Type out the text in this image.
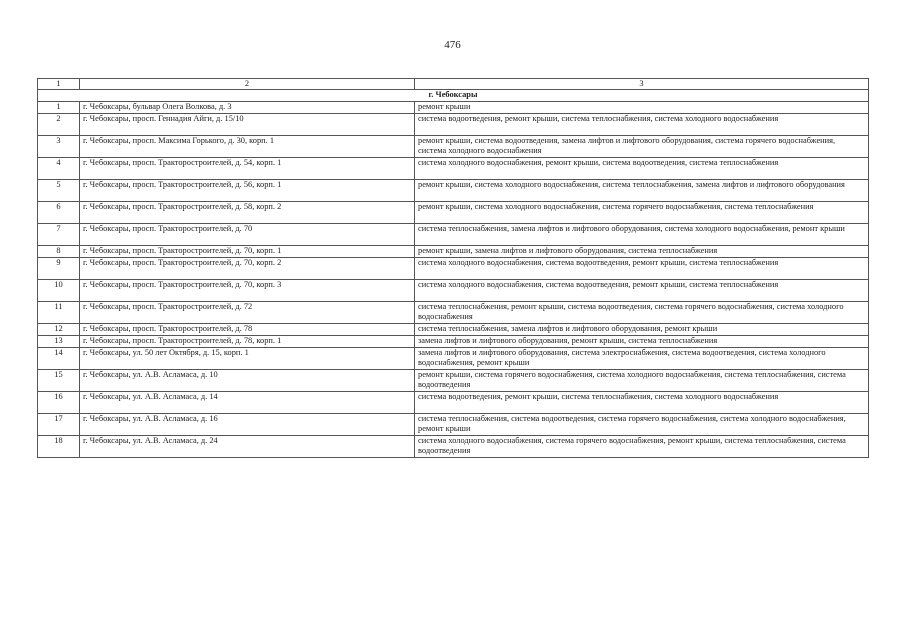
476
1	2	3
г. Чебоксары		
1	г. Чебоксары, бульвар Олега Волкова, д. 3	ремонт крыши
2	г. Чебоксары, просп. Геннадия Айги, д. 15/10	система водоотведения, ремонт крыши, система теплоснабжения, система холодного водоснабжения
3	г. Чебоксары, просп. Максима Горького, д. 30, корп. 1	ремонт крыши, система водоотведения, замена лифтов и лифтового оборудования, система горячего водоснабжения, система холодного водоснабжения
4	г. Чебоксары, просп. Тракторостроителей, д. 54, корп. 1	система холодного водоснабжения, ремонт крыши, система водоотведения, система теплоснабжения
5	г. Чебоксары, просп. Тракторостроителей, д. 56, корп. 1	ремонт крыши, система холодного водоснабжения, система теплоснабжения, замена лифтов и лифтового оборудования
6	г. Чебоксары, просп. Тракторостроителей, д. 58, корп. 2	ремонт крыши, система холодного водоснабжения, система горячего водоснабжения, система теплоснабжения
7	г. Чебоксары, просп. Тракторостроителей, д. 70	система теплоснабжения, замена лифтов и лифтового оборудования, система холодного водоснабжения, ремонт крыши
8	г. Чебоксары, просп. Тракторостроителей, д. 70, корп. 1	ремонт крыши, замена лифтов и лифтового оборудования, система теплоснабжения
9	г. Чебоксары, просп. Тракторостроителей, д. 70, корп. 2	система холодного водоснабжения, система водоотведения, ремонт крыши, система теплоснабжения
10	г. Чебоксары, просп. Тракторостроителей, д. 70, корп. 3	система холодного водоснабжения, система водоотведения, ремонт крыши, система теплоснабжения
11	г. Чебоксары, просп. Тракторостроителей, д. 72	система теплоснабжения, ремонт крыши, система водоотведения, система горячего водоснабжения, система холодного водоснабжения
12	г. Чебоксары, просп. Тракторостроителей, д. 78	система теплоснабжения, замена лифтов и лифтового оборудования, ремонт крыши
13	г. Чебоксары, просп. Тракторостроителей, д. 78, корп. 1	замена лифтов и лифтового оборудования, ремонт крыши, система теплоснабжения
14	г. Чебоксары, ул. 50 лет Октября, д. 15, корп. 1	замена лифтов и лифтового оборудования, система электроснабжения, система водоотведения, система холодного водоснабжения, ремонт крыши
15	г. Чебоксары, ул. А.В. Асламаса, д. 10	ремонт крыши, система горячего водоснабжения, система холодного водоснабжения, система теплоснабжения, система водоотведения
16	г. Чебоксары, ул. А.В. Асламаса, д. 14	система водоотведения, ремонт крыши, система теплоснабжения, система холодного водоснабжения
17	г. Чебоксары, ул. А.В. Асламаса, д. 16	система теплоснабжения, система водоотведения, система горячего водоснабжения, система холодного водоснабжения, ремонт крыши
18	г. Чебоксары, ул. А.В. Асламаса, д. 24	система холодного водоснабжения, система горячего водоснабжения, ремонт крыши, система теплоснабжения, система водоотведения
